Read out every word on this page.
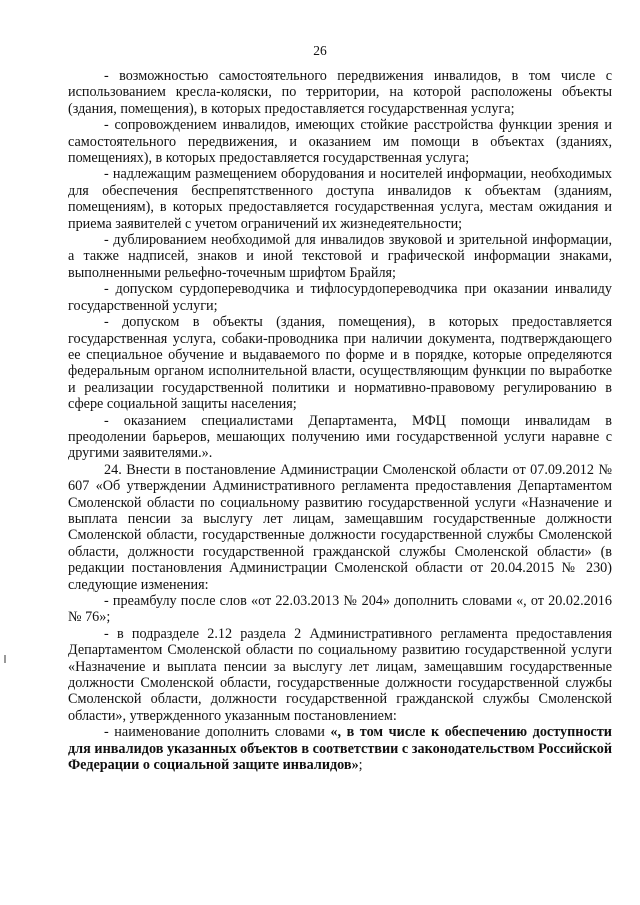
26

- возможностью самостоятельного передвижения инвалидов, в том числе с использованием кресла-коляски, по территории, на которой расположены объекты (здания, помещения), в которых предоставляется государственная услуга;

- сопровождением инвалидов, имеющих стойкие расстройства функции зрения и самостоятельного передвижения, и оказанием им помощи в объектах (зданиях, помещениях), в которых предоставляется государственная услуга;

- надлежащим размещением оборудования и носителей информации, необходимых для обеспечения беспрепятственного доступа инвалидов к объектам (зданиям, помещениям), в которых предоставляется государственная услуга, местам ожидания и приема заявителей с учетом ограничений их жизнедеятельности;

- дублированием необходимой для инвалидов звуковой и зрительной информации, а также надписей, знаков и иной текстовой и графической информации знаками, выполненными рельефно-точечным шрифтом Брайля;

- допуском сурдопереводчика и тифлосурдопереводчика при оказании инвалиду государственной услуги;

- допуском в объекты (здания, помещения), в которых предоставляется государственная услуга, собаки-проводника при наличии документа, подтверждающего ее специальное обучение и выдаваемого по форме и в порядке, которые определяются федеральным органом исполнительной власти, осуществляющим функции по выработке и реализации государственной политики и нормативно-правовому регулированию в сфере социальной защиты населения;

- оказанием специалистами Департамента, МФЦ помощи инвалидам в преодолении барьеров, мешающих получению ими государственной услуги наравне с другими заявителями.».

24. Внести в постановление Администрации Смоленской области от 07.09.2012 № 607 «Об утверждении Административного регламента предоставления Департаментом Смоленской области по социальному развитию государственной услуги «Назначение и выплата пенсии за выслугу лет лицам, замещавшим государственные должности Смоленской области, государственные должности государственной службы Смоленской области, должности государственной гражданской службы Смоленской области» (в редакции постановления Администрации Смоленской области от 20.04.2015 № 230) следующие изменения:

- преамбулу после слов «от 22.03.2013 № 204» дополнить словами «, от 20.02.2016 № 76»;

- в подразделе 2.12 раздела 2 Административного регламента предоставления Департаментом Смоленской области по социальному развитию государственной услуги «Назначение и выплата пенсии за выслугу лет лицам, замещавшим государственные должности Смоленской области, государственные должности государственной службы Смоленской области, должности государственной гражданской службы Смоленской области», утвержденного указанным постановлением:

- наименование дополнить словами «, в том числе к обеспечению доступности для инвалидов указанных объектов в соответствии с законодательством Российской Федерации о социальной защите инвалидов»;
